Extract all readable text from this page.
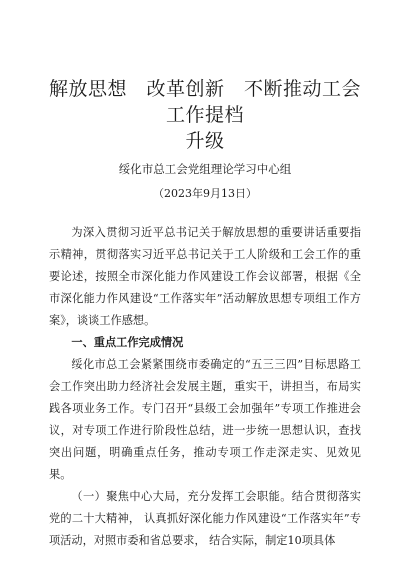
解放思想　改革创新　不断推动工会工作提档
升级
绥化市总工会党组理论学习中心组
（2023年9月13日）

为深入贯彻习近平总书记关于解放思想的重要讲话重要指示精神，贯彻落实习近平总书记关于工人阶级和工会工作的重要论述，按照全市深化能力作风建设工作会议部署，根据《全市深化能力作风建设“工作落实年”活动解放思想专项组工作方案》，谈谈工作感想。

一、重点工作完成情况

绥化市总工会紧紧围绕市委确定的“五三三四”目标思路工会工作突出助力经济社会发展主题，重实干，讲担当，布局实践各项业务工作。专门召开“县级工会加强年”专项工作推进会议，对专项工作进行阶段性总结，进一步统一思想认识，查找突出问题，明确重点任务，推动专项工作走深走实、见效见果。

（一）聚焦中心大局，充分发挥工会职能。结合贯彻落实党的二十大精神， 认真抓好深化能力作风建设“工作落实年”专项活动，对照市委和省总要求， 结合实际，制定10项具体
